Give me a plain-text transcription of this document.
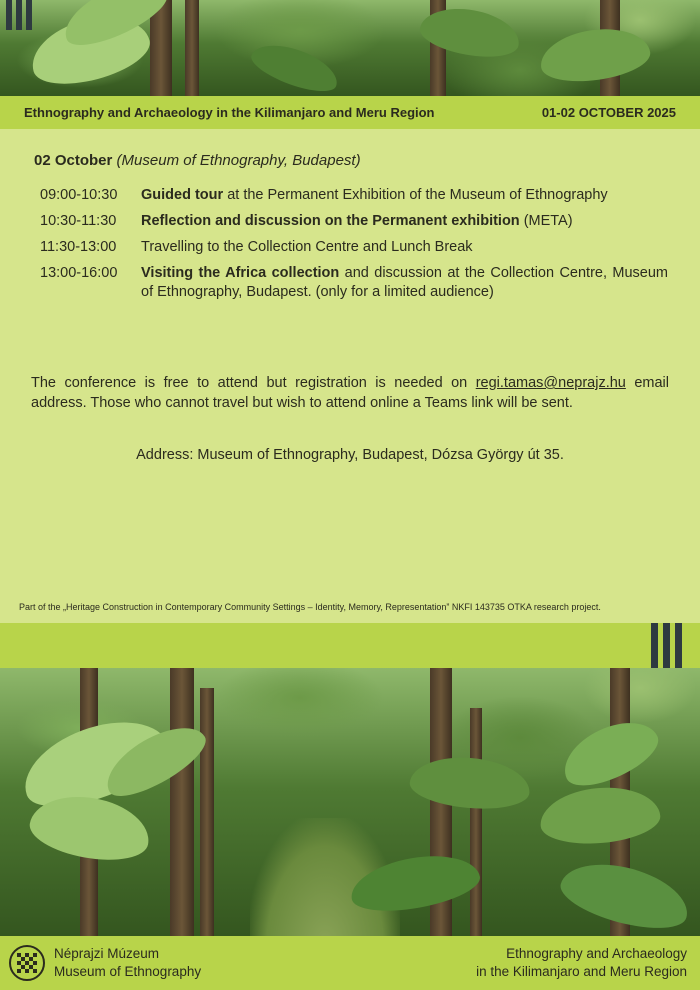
Ethnography and Archaeology in the Kilimanjaro and Meru Region	01-02 OCTOBER 2025
02 October (Museum of Ethnography, Budapest)
09:00-10:30	Guided tour at the Permanent Exhibition of the Museum of Ethnography
10:30-11:30	Reflection and discussion on the Permanent exhibition (META)
11:30-13:00	Travelling to the Collection Centre and Lunch Break
13:00-16:00	Visiting the Africa collection and discussion at the Collection Centre, Museum of Ethnography, Budapest. (only for a limited audience)

The conference is free to attend but registration is needed on regi.tamas@neprajz.hu email address. Those who cannot travel but wish to attend online a Teams link will be sent.

Address: Museum of Ethnography, Budapest, Dózsa György út 35.
Part of the „Heritage Construction in Contemporary Community Settings – Identity, Memory, Representation” NKFI 143735 OTKA research project.
Néprajzi Múzeum
Museum of Ethnography
Ethnography and Archaeology
in the Kilimanjaro and Meru Region
